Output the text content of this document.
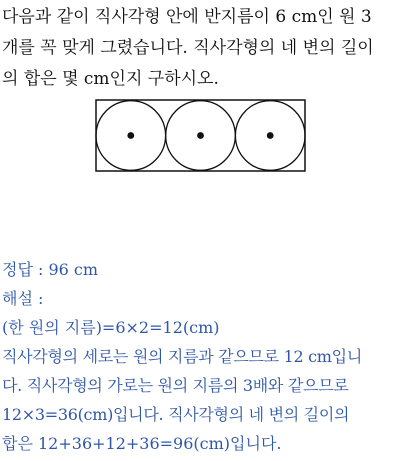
다음과 같이 직사각형 안에 반지름이 6 cm인 원 3
개를 꼭 맞게 그렸습니다. 직사각형의 네 변의 길이
의 합은 몇 cm인지 구하시오.
정답 : 96 cm
해설 :
(한 원의 지름)=6×2=12(cm)
직사각형의 세로는 원의 지름과 같으므로 12 cm입니
다. 직사각형의 가로는 원의 지름의 3배와 같으므로
12×3=36(cm)입니다. 직사각형의 네 변의 길이의
합은 12+36+12+36=96(cm)입니다.
